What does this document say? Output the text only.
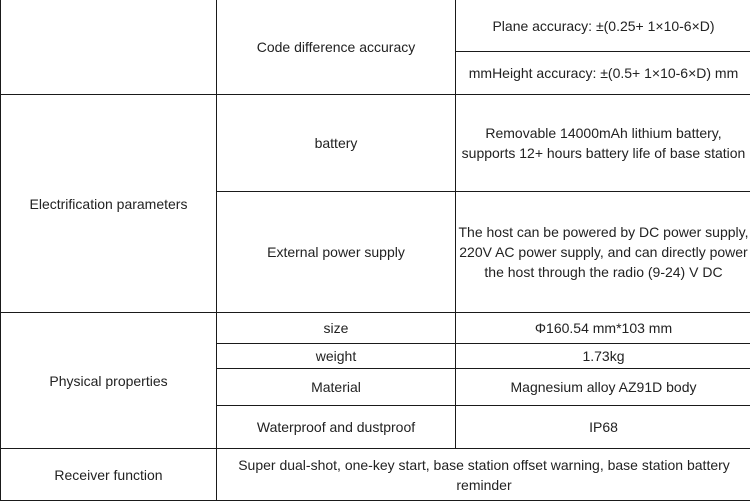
	Code difference accuracy	Plane accuracy: ±(0.25+ 1×10-6×D)
		mmHeight accuracy: ±(0.5+ 1×10-6×D) mm
Electrification parameters	battery	Removable 14000mAh lithium battery, supports 12+ hours battery life of base station
	External power supply	The host can be powered by DC power supply, 220V AC power supply, and can directly power the host through the radio (9-24) V DC
Physical properties	size	Φ160.54 mm*103 mm
	weight	1.73kg
	Material	Magnesium alloy AZ91D body
	Waterproof and dustproof	IP68
Receiver function	Super dual-shot, one-key start, base station offset warning, base station battery reminder	
